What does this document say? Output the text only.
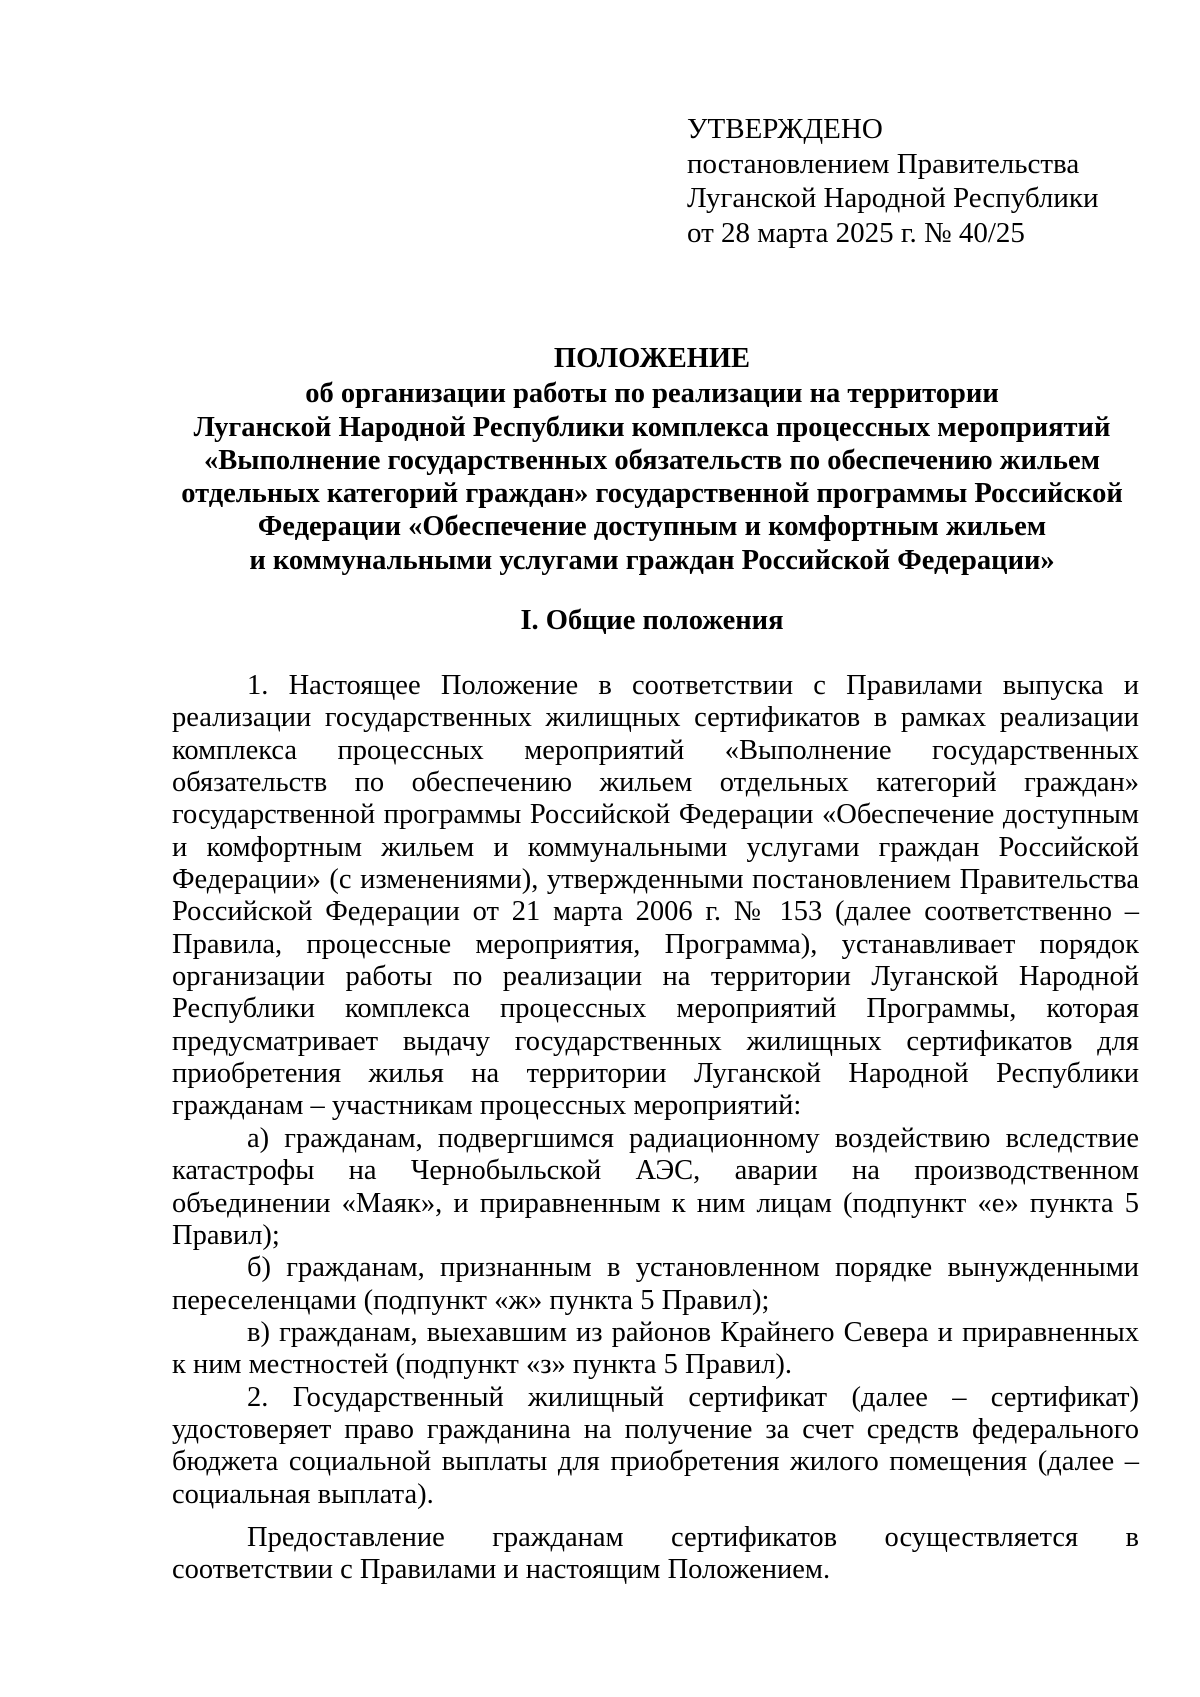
УТВЕРЖДЕНО
постановлением Правительства
Луганской Народной Республики
от 28 марта 2025 г. № 40/25
ПОЛОЖЕНИЕ
об организации работы по реализации на территории
Луганской Народной Республики комплекса процессных мероприятий
«Выполнение государственных обязательств по обеспечению жильем
отдельных категорий граждан» государственной программы Российской
Федерации «Обеспечение доступным и комфортным жильем
и коммунальными услугами граждан Российской Федерации»
I. Общие положения

1. Настоящее Положение в соответствии с Правилами выпуска и реализации государственных жилищных сертификатов в рамках реализации комплекса процессных мероприятий «Выполнение государственных обязательств по обеспечению жильем отдельных категорий граждан» государственной программы Российской Федерации «Обеспечение доступным и комфортным жильем и коммунальными услугами граждан Российской Федерации» (с изменениями), утвержденными постановлением Правительства Российской Федерации от 21 марта 2006 г. № 153 (далее соответственно – Правила, процессные мероприятия, Программа), устанавливает порядок организации работы по реализации на территории Луганской Народной Республики комплекса процессных мероприятий Программы, которая предусматривает выдачу государственных жилищных сертификатов для приобретения жилья на территории Луганской Народной Республики гражданам – участникам процессных мероприятий:

а) гражданам, подвергшимся радиационному воздействию вследствие катастрофы на Чернобыльской АЭС, аварии на производственном объединении «Маяк», и приравненным к ним лицам (подпункт «е» пункта 5 Правил);

б) гражданам, признанным в установленном порядке вынужденными переселенцами (подпункт «ж» пункта 5 Правил);

в) гражданам, выехавшим из районов Крайнего Севера и приравненных к ним местностей (подпункт «з» пункта 5 Правил).

2. Государственный жилищный сертификат (далее – сертификат) удостоверяет право гражданина на получение за счет средств федерального бюджета социальной выплаты для приобретения жилого помещения (далее – социальная выплата).

Предоставление гражданам сертификатов осуществляется в соответствии с Правилами и настоящим Положением.
